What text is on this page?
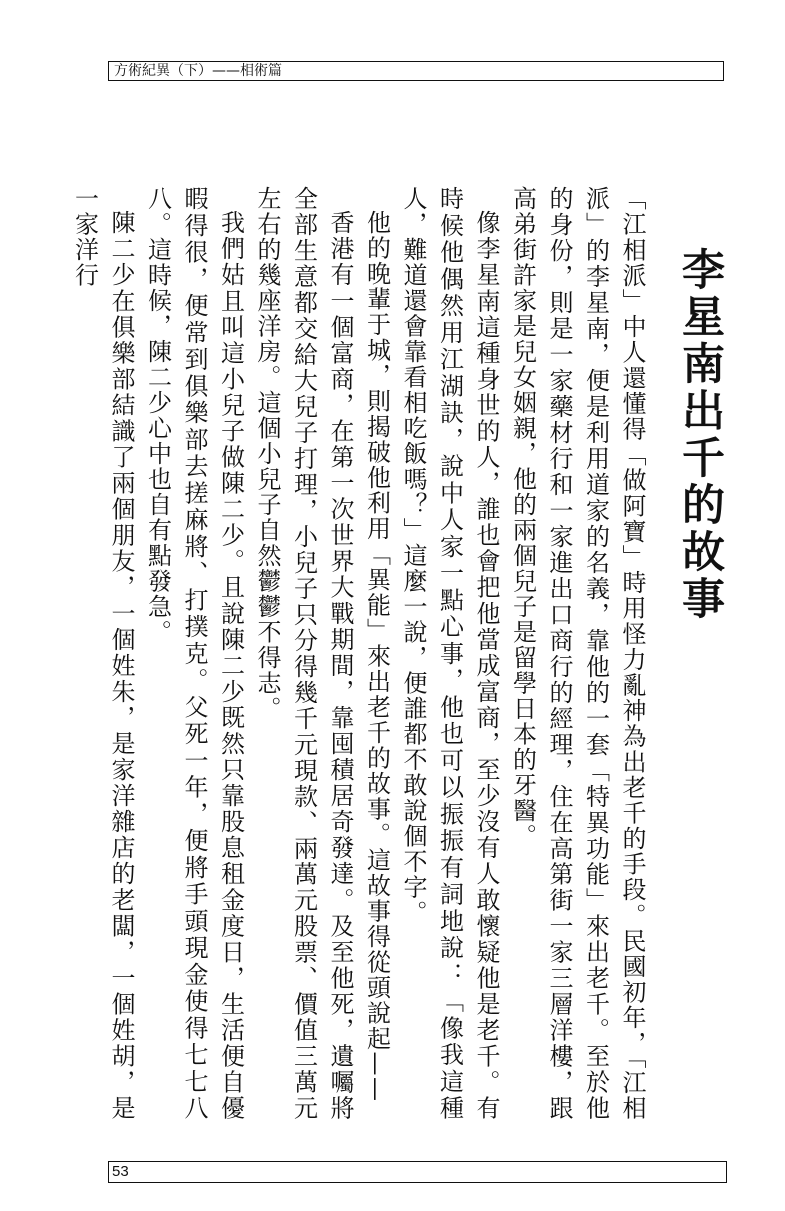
方術紀異（下）——相術篇
李星南出千的故事

「江相派」中人還懂得「做阿寶」時用怪力亂神為出老千的手段。民國初年，「江相派」的李星南，便是利用道家的名義，靠他的一套「特異功能」來出老千。至於他的身份，則是一家藥材行和一家進出口商行的經理，住在高第街一家三層洋樓，跟高弟街許家是兒女姻親，他的兩個兒子是留學日本的牙醫。

像李星南這種身世的人，誰也會把他當成富商，至少沒有人敢懷疑他是老千。有時候他偶然用江湖訣，說中人家一點心事，他也可以振振有詞地說：「像我這種人，難道還會靠看相吃飯嗎？」這麼一說，便誰都不敢說個不字。

他的晚輩于城，則揭破他利用「異能」來出老千的故事。這故事得從頭說起——

香港有一個富商，在第一次世界大戰期間，靠囤積居奇發達。及至他死，遺囑將全部生意都交給大兒子打理，小兒子只分得幾千元現款、兩萬元股票、價值三萬元左右的幾座洋房。這個小兒子自然鬱鬱不得志。

我們姑且叫這小兒子做陳二少。且說陳二少既然只靠股息租金度日，生活便自優暇得很，便常到俱樂部去搓麻將、打撲克。父死一年，便將手頭現金使得七七八八。這時候，陳二少心中也自有點發急。

陳二少在俱樂部結識了兩個朋友，一個姓朱，是家洋雜店的老闆，一個姓胡，是一家洋行

53
